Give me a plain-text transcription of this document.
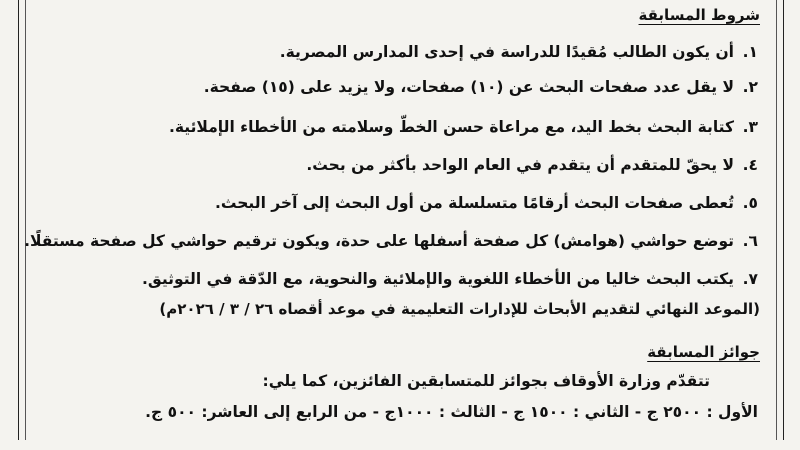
شروط المسابقة
١.أن يكون الطالب مُقيدًا للدراسة في إحدى المدارس المصرية.
٢.لا يقل عدد صفحات البحث عن (١٠) صفحات، ولا يزيد على (١٥) صفحة.
٣.كتابة البحث بخط اليد، مع مراعاة حسن الخطّ وسلامته من الأخطاء الإملائية.
٤.لا يحقّ للمتقدم أن يتقدم في العام الواحد بأكثر من بحث.
٥.تُعطى صفحات البحث أرقامًا متسلسلة من أول البحث إلى آخر البحث.
٦.توضع حواشي (هوامش) كل صفحة أسفلها على حدة، ويكون ترقيم حواشي كل صفحة مستقلًا.
٧.يكتب البحث خاليا من الأخطاء اللغوية والإملائية والنحوية، مع الدّقة في التوثيق.
(الموعد النهائي لتقديم الأبحاث للإدارات التعليمية في موعد أقصاه ٢٦ / ٣ / ٢٠٢٦م)
جوائز المسابقة
تتقدّم وزارة الأوقاف بجوائز للمتسابقين الفائزين، كما يلي:
الأول : ٢٥٠٠ ج - الثاني : ١٥٠٠ ج - الثالث : ١٠٠٠ج - من الرابع إلى العاشر: ٥٠٠ ج.
